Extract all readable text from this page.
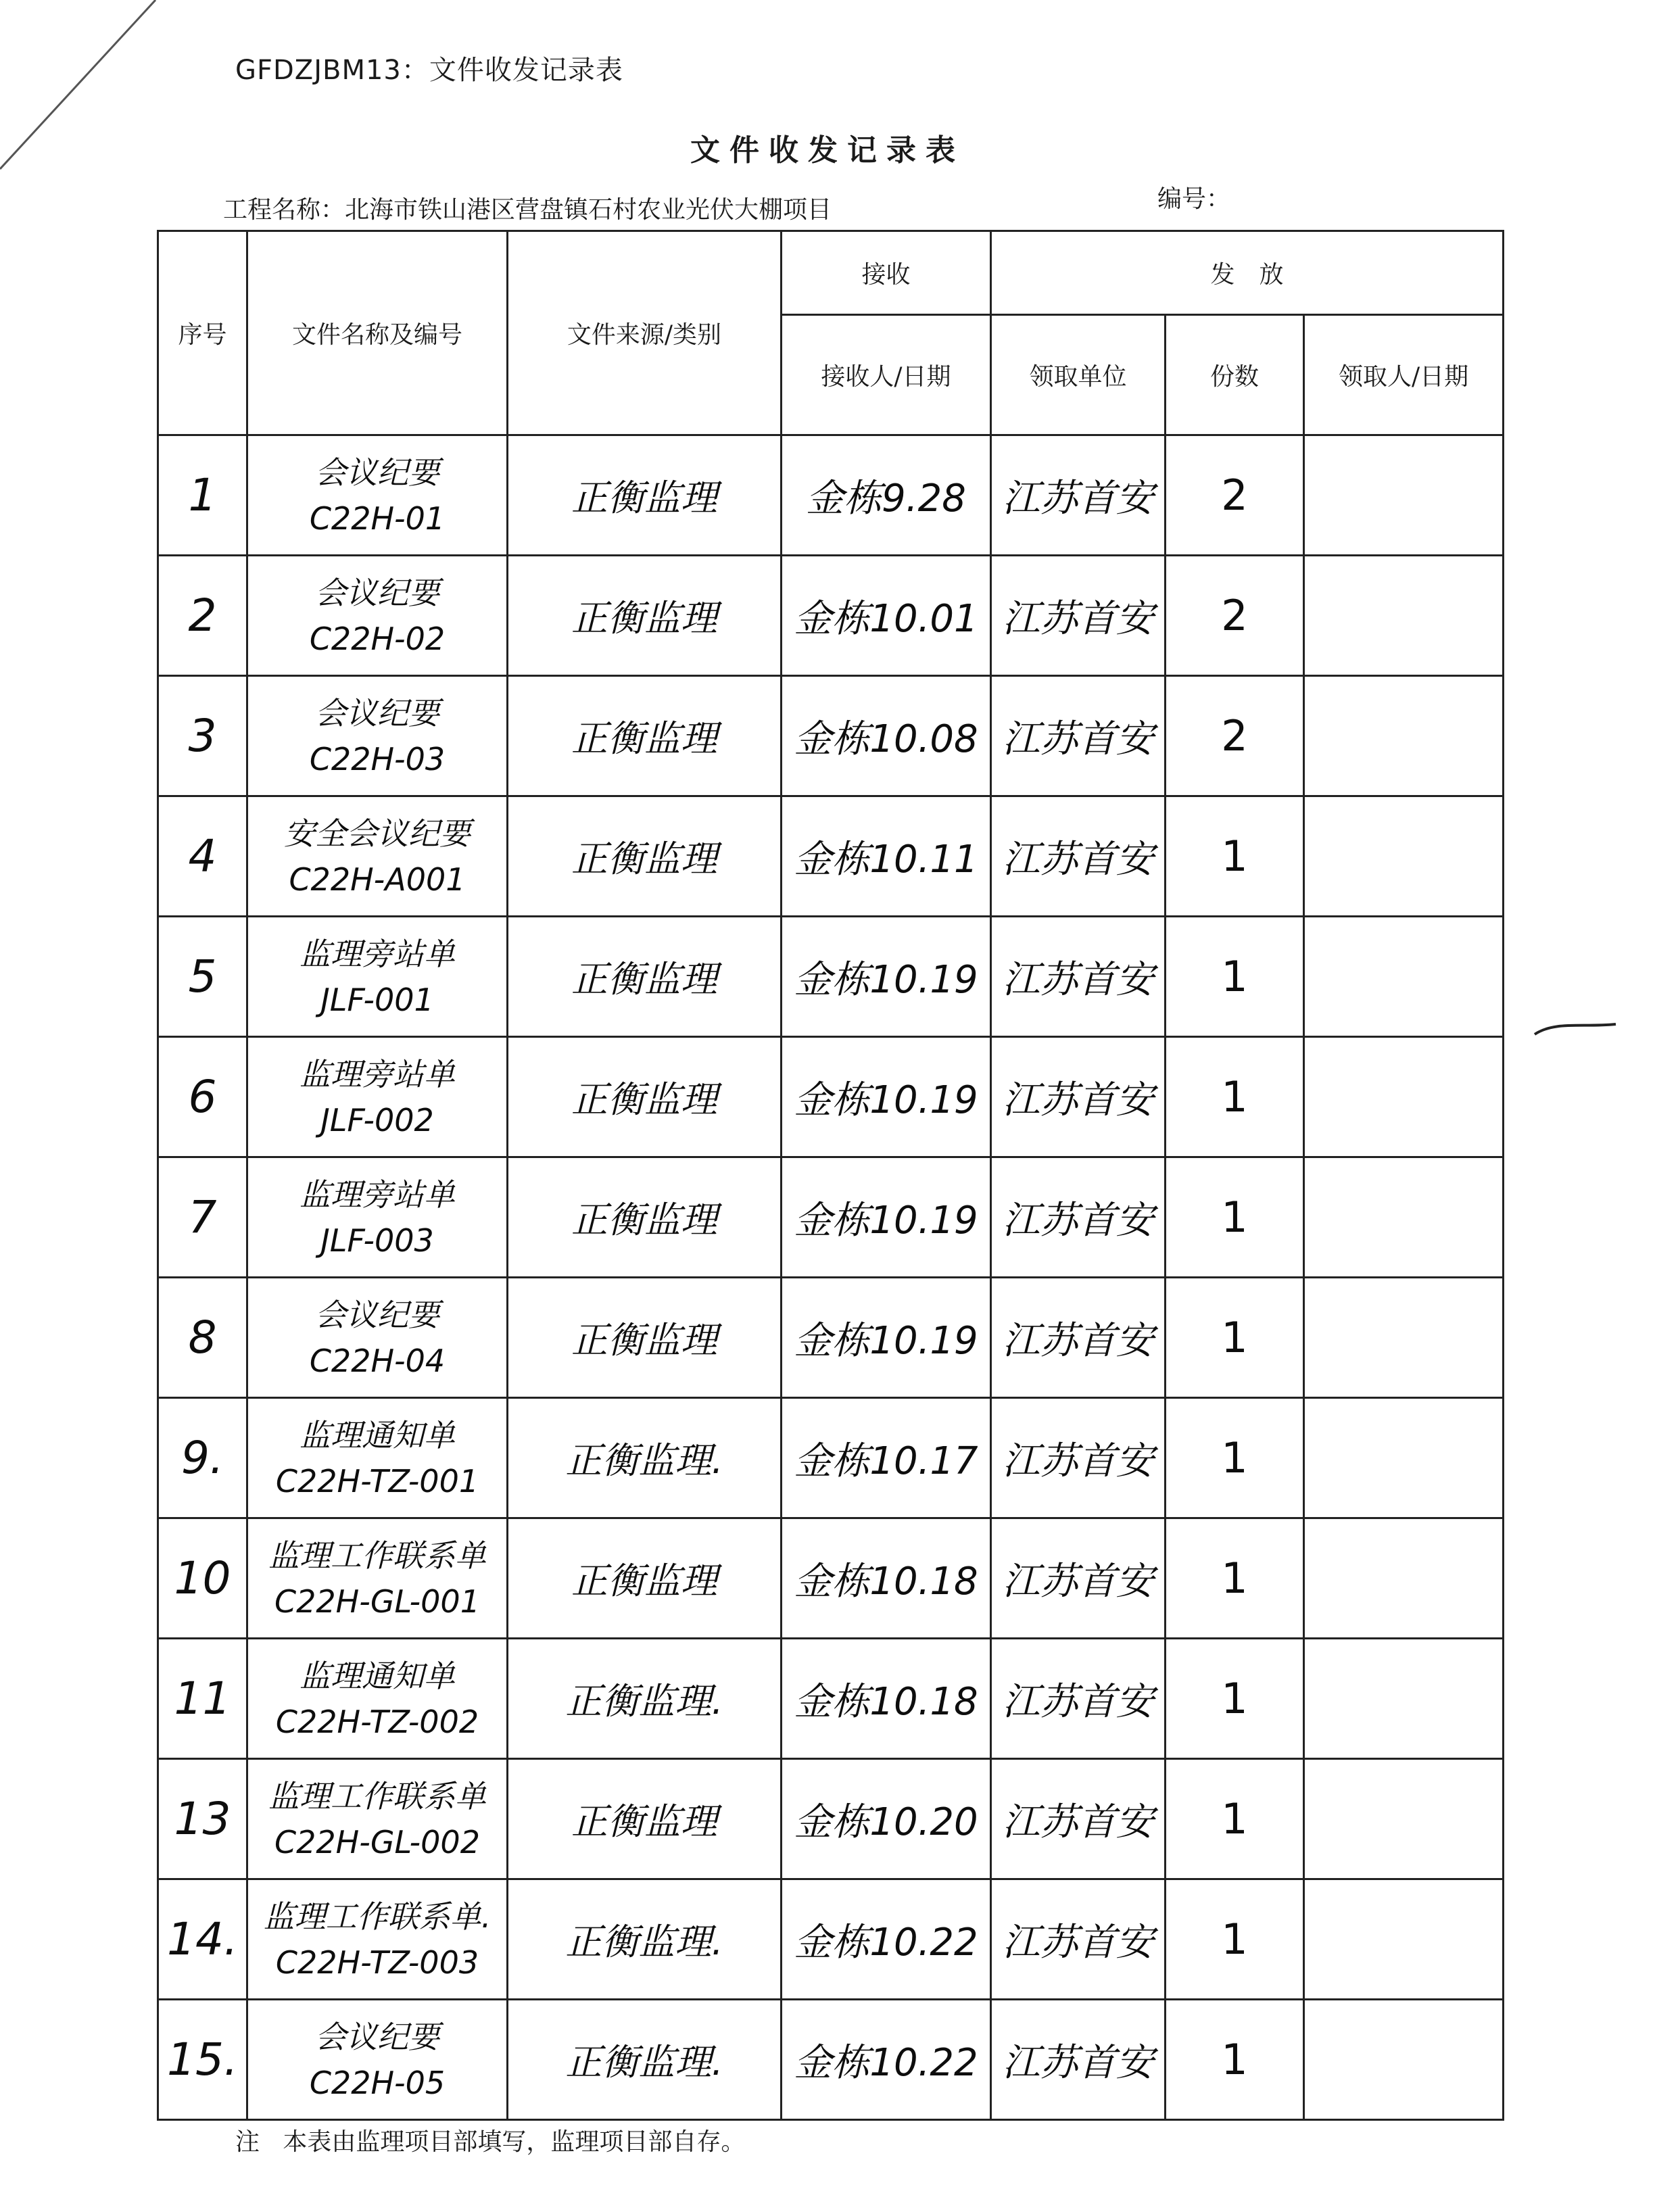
GFDZJBM13：文件收发记录表
文件收发记录表
工程名称：北海市铁山港区营盘镇石村农业光伏大棚项目	编号：
序号	文件名称及编号	文件来源/类别	接收	发　放		
			接收人/日期	领取单位	份数	领取人/日期
1	会议纪要
C22H-01	正衡监理	金栋9.28	江苏首安	2	
2	会议纪要
C22H-02	正衡监理	金栋10.01	江苏首安	2	
3	会议纪要
C22H-03	正衡监理	金栋10.08	江苏首安	2	
4	安全会议纪要
C22H-A001	正衡监理	金栋10.11	江苏首安	1	
5	监理旁站单
JLF-001	正衡监理	金栋10.19	江苏首安	1	
6	监理旁站单
JLF-002	正衡监理	金栋10.19	江苏首安	1	
7	监理旁站单
JLF-003	正衡监理	金栋10.19	江苏首安	1	
8	会议纪要
C22H-04	正衡监理	金栋10.19	江苏首安	1	
9.	监理通知单
C22H-TZ-001	正衡监理.	金栋10.17	江苏首安	1	
10	监理工作联系单
C22H-GL-001	正衡监理	金栋10.18	江苏首安	1	
11	监理通知单
C22H-TZ-002	正衡监理.	金栋10.18	江苏首安	1	
13	监理工作联系单
C22H-GL-002	正衡监理	金栋10.20	江苏首安	1	
14.	监理工作联系单.
C22H-TZ-003	正衡监理.	金栋10.22	江苏首安	1	
15.	会议纪要
C22H-05	正衡监理.	金栋10.22	江苏首安	1	
注 本表由监理项目部填写，监理项目部自存。
